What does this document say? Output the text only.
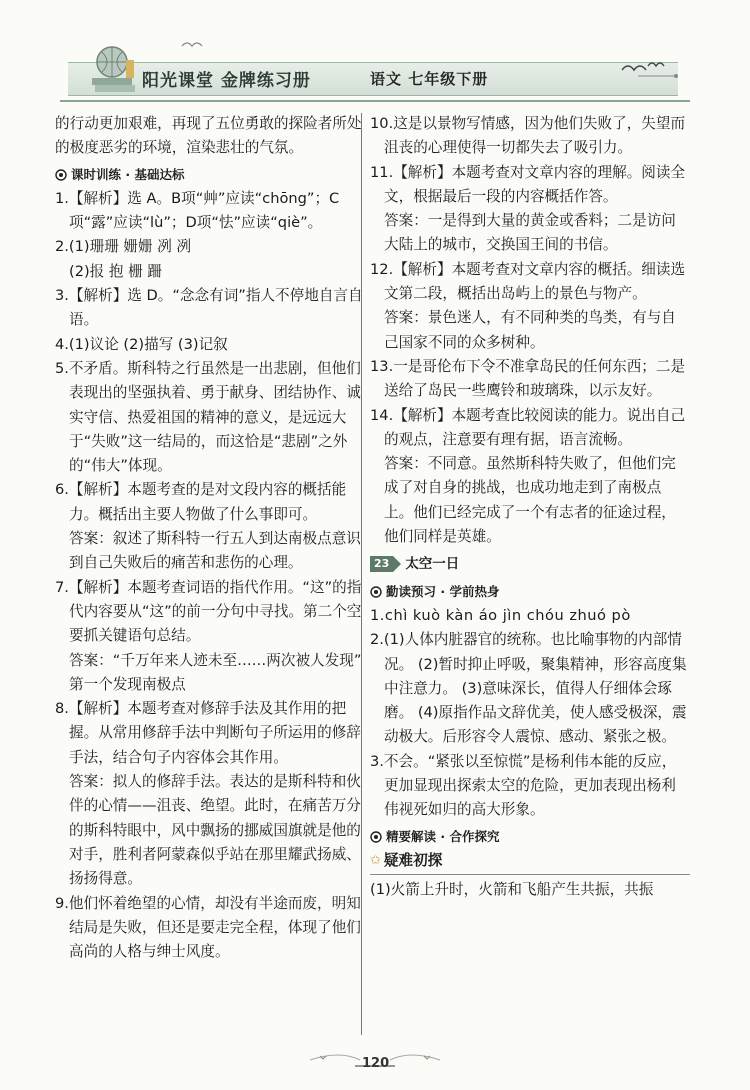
阳光课堂 金牌练习册	语文 七年级下册

的行动更加艰难，再现了五位勇敢的探险者所处的极度恶劣的环境，渲染悲壮的气氛。

课时训练 · 基础达标

1.【解析】选 A。B项“艸”应读“chōng”；C项“露”应读“lù”；D项“怯”应读“qiè”。

2.(1)珊珊 姗姗 冽 冽

(2)报 抱 栅 跚

3.【解析】选 D。“念念有词”指人不停地自言自语。

4.(1)议论 (2)描写 (3)记叙

5.不矛盾。斯科特之行虽然是一出悲剧，但他们表现出的坚强执着、勇于献身、团结协作、诚实守信、热爱祖国的精神的意义，是远远大于“失败”这一结局的，而这恰是“悲剧”之外的“伟大”体现。

6.【解析】本题考查的是对文段内容的概括能力。概括出主要人物做了什么事即可。

答案：叙述了斯科特一行五人到达南极点意识到自己失败后的痛苦和悲伤的心理。

7.【解析】本题考查词语的指代作用。“这”的指代内容要从“这”的前一分句中寻找。第二个空要抓关键语句总结。

答案：“千万年来人迹未至……两次被人发现” 第一个发现南极点

8.【解析】本题考查对修辞手法及其作用的把握。从常用修辞手法中判断句子所运用的修辞手法，结合句子内容体会其作用。

答案：拟人的修辞手法。表达的是斯科特和伙伴的心情——沮丧、绝望。此时，在痛苦万分的斯科特眼中，风中飘扬的挪威国旗就是他的对手，胜利者阿蒙森似乎站在那里耀武扬威、扬扬得意。

9.他们怀着绝望的心情，却没有半途而废，明知结局是失败，但还是要走完全程，体现了他们高尚的人格与绅士风度。

10.这是以景物写情感，因为他们失败了，失望而沮丧的心理使得一切都失去了吸引力。

11.【解析】本题考查对文章内容的理解。阅读全文，根据最后一段的内容概括作答。

答案：一是得到大量的黄金或香料；二是访问大陆上的城市，交换国王间的书信。

12.【解析】本题考查对文章内容的概括。细读选文第二段，概括出岛屿上的景色与物产。

答案：景色迷人，有不同种类的鸟类，有与自己国家不同的众多树种。

13.一是哥伦布下令不准拿岛民的任何东西；二是送给了岛民一些鹰铃和玻璃珠，以示友好。

14.【解析】本题考查比较阅读的能力。说出自己的观点，注意要有理有据，语言流畅。

答案：不同意。虽然斯科特失败了，但他们完成了对自身的挑战，也成功地走到了南极点上。他们已经完成了一个有志者的征途过程，他们同样是英雄。

23 太空一日
勤读预习 · 学前热身

1.chì kuò kàn áo jìn chóu zhuó pò

2.(1)人体内脏器官的统称。也比喻事物的内部情况。 (2)暂时抑止呼吸，聚集精神，形容高度集中注意力。 (3)意味深长，值得人仔细体会琢磨。 (4)原指作品文辞优美，使人感受极深，震动极大。后形容令人震惊、感动、紧张之极。

3.不会。“紧张以至惊慌”是杨利伟本能的反应，更加显现出探索太空的危险，更加表现出杨利伟视死如归的高大形象。

精要解读 · 合作探究
✩ 疑难初探

(1)火箭上升时，火箭和飞船产生共振，共振

120
